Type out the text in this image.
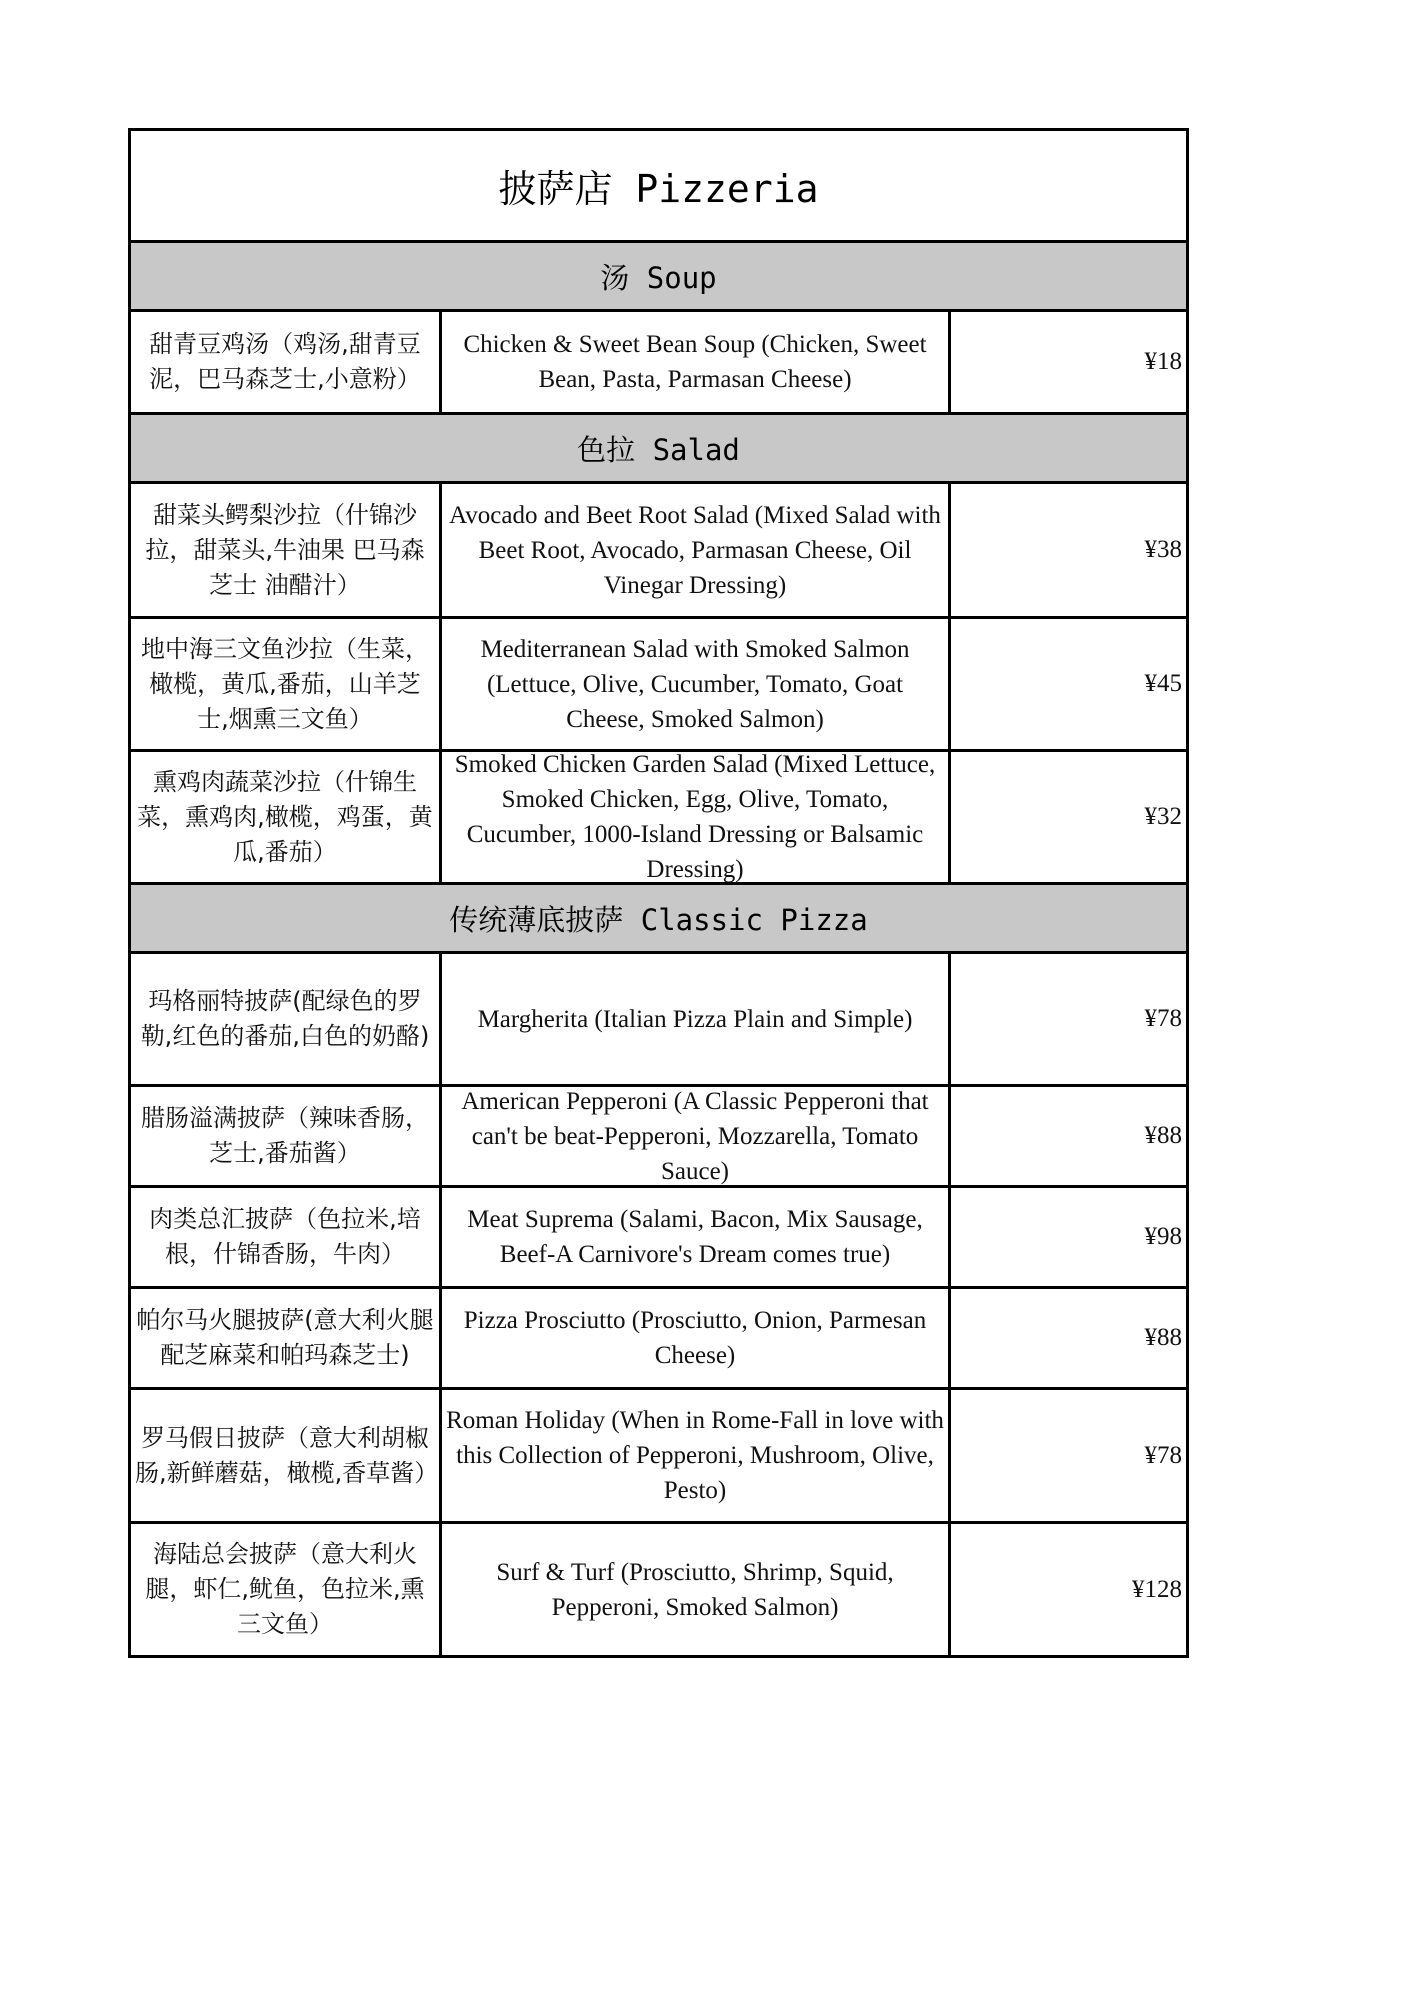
披萨店 Pizzeria
汤 Soup
甜青豆鸡汤（鸡汤,甜青豆泥，巴马森芝士,小意粉）
Chicken & Sweet Bean Soup (Chicken, Sweet Bean, Pasta, Parmasan Cheese)
¥18
色拉 Salad
甜菜头鳄梨沙拉（什锦沙拉，甜菜头,牛油果 巴马森芝士 油醋汁）
Avocado and Beet Root Salad (Mixed Salad with Beet Root, Avocado, Parmasan Cheese, Oil Vinegar Dressing)
¥38
地中海三文鱼沙拉（生菜，橄榄，黄瓜,番茄，山羊芝士,烟熏三文鱼）
Mediterranean Salad with Smoked Salmon (Lettuce, Olive, Cucumber, Tomato, Goat Cheese, Smoked Salmon)
¥45
熏鸡肉蔬菜沙拉（什锦生菜，熏鸡肉,橄榄，鸡蛋，黄瓜,番茄）
Smoked Chicken Garden Salad (Mixed Lettuce, Smoked Chicken, Egg, Olive, Tomato, Cucumber, 1000-Island Dressing or Balsamic Dressing)
¥32
传统薄底披萨 Classic Pizza
玛格丽特披萨(配绿色的罗勒,红色的番茄,白色的奶酪)
Margherita (Italian Pizza Plain and Simple)	¥78
腊肠溢满披萨（辣味香肠，芝士,番茄酱）
American Pepperoni (A Classic Pepperoni that can't be beat-Pepperoni, Mozzarella, Tomato Sauce)
¥88
肉类总汇披萨（色拉米,培根，什锦香肠，牛肉）
Meat Suprema (Salami, Bacon, Mix Sausage, Beef-A Carnivore's Dream comes true)
¥98
帕尔马火腿披萨(意大利火腿配芝麻菜和帕玛森芝士)
Pizza Prosciutto (Prosciutto, Onion, Parmesan Cheese)
¥88
罗马假日披萨（意大利胡椒肠,新鲜蘑菇，橄榄,香草酱）
Roman Holiday (When in Rome-Fall in love with this Collection of Pepperoni, Mushroom, Olive, Pesto)
¥78
海陆总会披萨（意大利火腿，虾仁,鱿鱼，色拉米,熏三文鱼）
Surf & Turf (Prosciutto, Shrimp, Squid, Pepperoni, Smoked Salmon)
¥128
